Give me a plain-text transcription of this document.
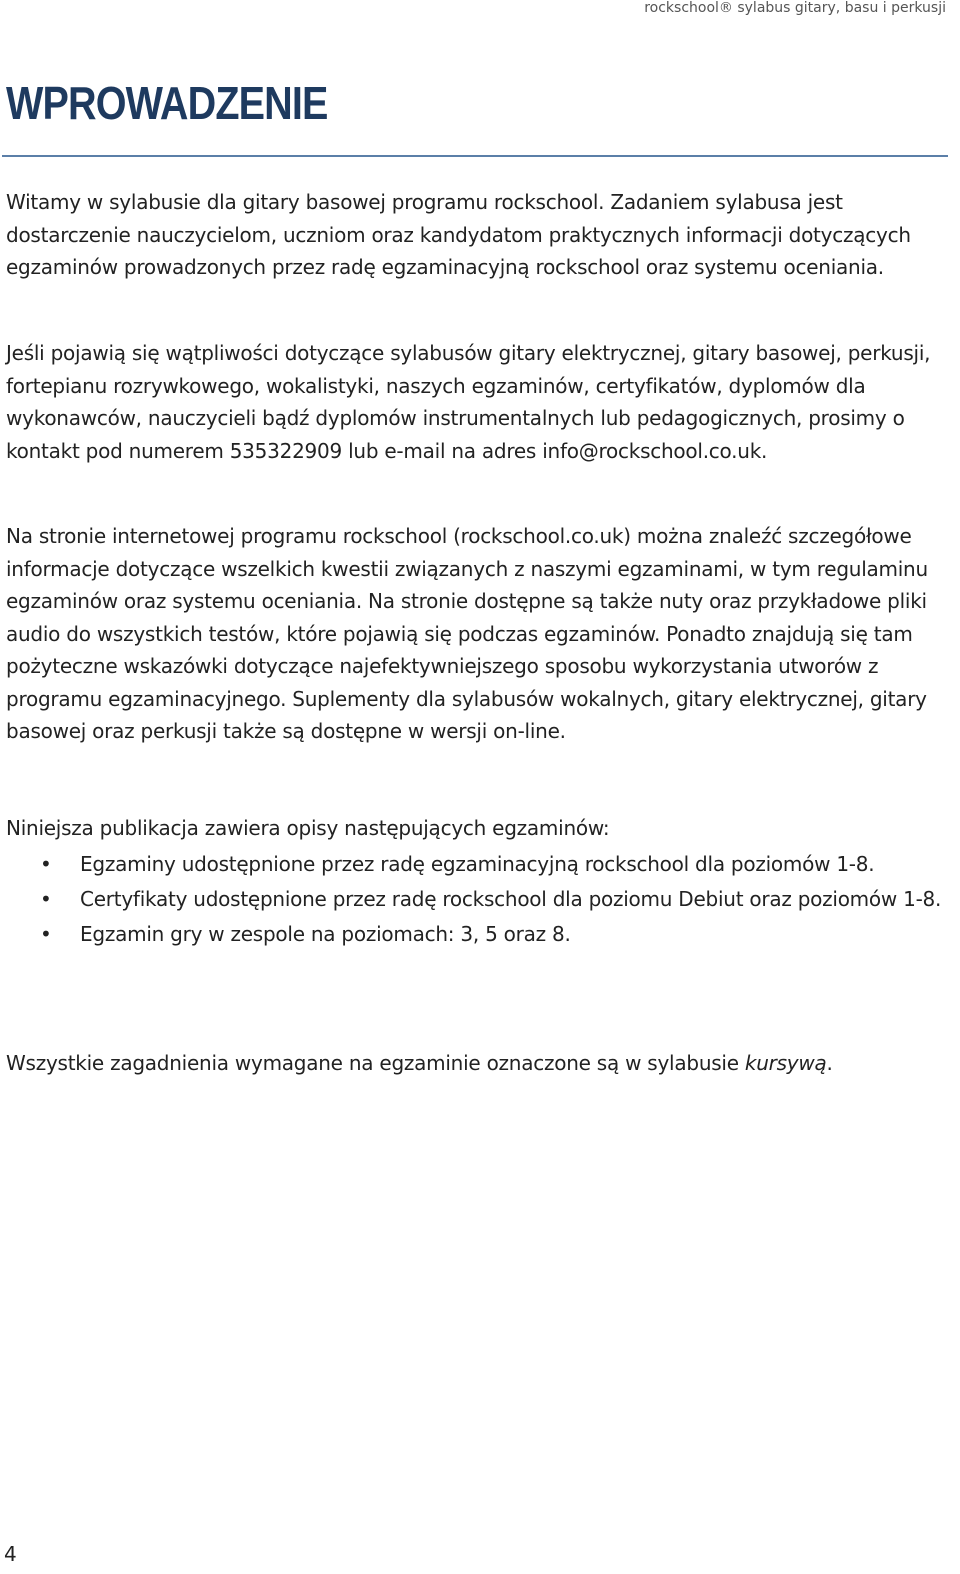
rockschool® sylabus gitary, basu i perkusji
WPROWADZENIE

Witamy w sylabusie dla gitary basowej programu rockschool. Zadaniem sylabusa jest dostarczenie nauczycielom, uczniom oraz kandydatom praktycznych informacji dotyczących egzaminów prowadzonych przez radę egzaminacyjną rockschool oraz systemu oceniania.

Jeśli pojawią się wątpliwości dotyczące sylabusów gitary elektrycznej, gitary basowej, perkusji, fortepianu rozrywkowego, wokalistyki, naszych egzaminów, certyfikatów, dyplomów dla wykonawców, nauczycieli bądź dyplomów instrumentalnych lub pedagogicznych, prosimy o kontakt pod numerem 535322909 lub e-mail na adres info@rockschool.co.uk.

Na stronie internetowej programu rockschool (rockschool.co.uk) można znaleźć szczegółowe informacje dotyczące wszelkich kwestii związanych z naszymi egzaminami, w tym regulaminu egzaminów oraz systemu oceniania. Na stronie dostępne są także nuty oraz przykładowe pliki audio do wszystkich testów, które pojawią się podczas egzaminów. Ponadto znajdują się tam pożyteczne wskazówki dotyczące najefektywniejszego sposobu wykorzystania utworów z programu egzaminacyjnego. Suplementy dla sylabusów wokalnych, gitary elektrycznej, gitary basowej oraz perkusji także są dostępne w wersji on-line.

Niniejsza publikacja zawiera opisy następujących egzaminów:

• Egzaminy udostępnione przez radę egzaminacyjną rockschool dla poziomów 1-8.
• Certyfikaty udostępnione przez radę rockschool dla poziomu Debiut oraz poziomów 1-8.
• Egzamin gry w zespole na poziomach: 3, 5 oraz 8.

Wszystkie zagadnienia wymagane na egzaminie oznaczone są w sylabusie kursywą.

4
